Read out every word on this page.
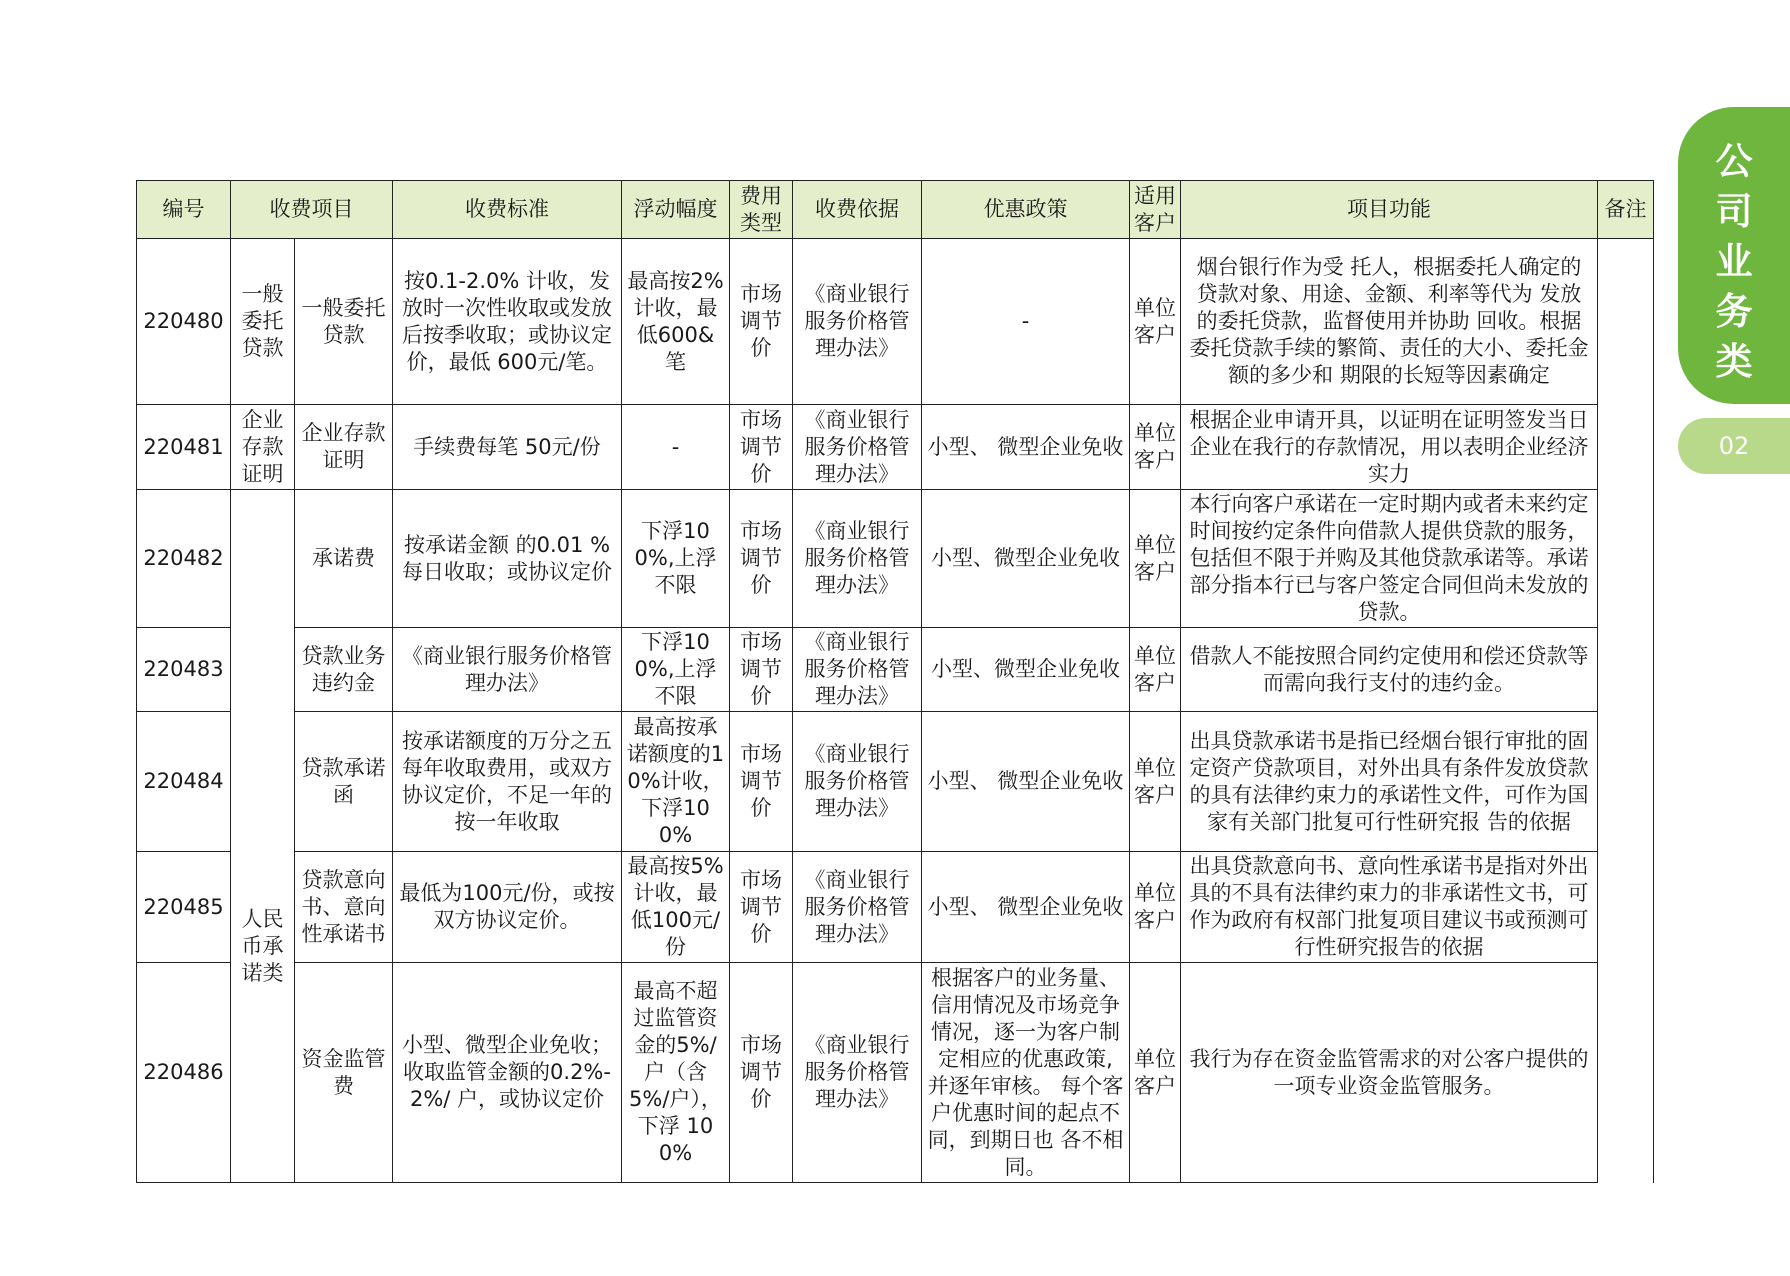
公
司
业
务
类
02
编号	收费项目		收费标准	浮动幅度	费用类型	收费依据	优惠政策	适用客户	项目功能	备注
220480	一般委托贷款	一般委托贷款	按0.1-2.0% 计收，发放时一次性收取或发放后按季收取；或协议定价，最低 600元/笔。	最高按2%计收，最低600& 笔	市场调节价	《商业银行服务价格管理办法》	-	单位客户	烟台银行作为受 托人，根据委托人确定的贷款对象、用途、金额、利率等代为 发放的委托贷款，监督使用并协助 回收。根据委托贷款手续的繁简、责任的大小、委托金额的多少和 期限的长短等因素确定	
220481	企业存款证明	企业存款证明	手续费每笔 50元/份	-	市场调节价	《商业银行服务价格管理办法》	小型、 微型企业免收	单位客户	根据企业申请开具，以证明在证明签发当日企业在我行的存款情况，用以表明企业经济实力	
220482	人民币承诺类	承诺费	按承诺金额 的0.01 %每日收取；或协议定价	下浮100%,上浮不限	市场调节价	《商业银行服务价格管理办法》	小型、微型企业免收	单位客户	本行向客户承诺在一定时期内或者未来约定时间按约定条件向借款人提供贷款的服务，包括但不限于并购及其他贷款承诺等。承诺部分指本行已与客户签定合同但尚未发放的贷款。	
220483		贷款业务违约金	《商业银行服务价格管理办法》	下浮100%,上浮不限	市场调节价	《商业银行服务价格管理办法》	小型、微型企业免收	单位客户	借款人不能按照合同约定使用和偿还贷款等而需向我行支付的违约金。	
220484		贷款承诺函	按承诺额度的万分之五每年收取费用，或双方协议定价，不足一年的按一年收取	最高按承诺额度的10%计收， 下浮100%	市场调节价	《商业银行服务价格管理办法》	小型、 微型企业免收	单位客户	出具贷款承诺书是指已经烟台银行审批的固定资产贷款项目，对外出具有条件发放贷款的具有法律约束力的承诺性文件，可作为国家有关部门批复可行性研究报 告的依据	
220485		贷款意向书、意向性承诺书	最低为100元/份，或按双方协议定价。	最高按5%计收，最低100元/份	市场调节价	《商业银行服务价格管理办法》	小型、 微型企业免收	单位客户	出具贷款意向书、意向性承诺书是指对外出具的不具有法律约束力的非承诺性文书，可作为政府有权部门批复项目建议书或预测可行性研究报告的依据	
220486		资金监管费	小型、微型企业免收；收取监管金额的0.2%-2%/ 户，或协议定价	最高不超过监管资金的5%/户（含 5%/户），下浮 100%	市场调节价	《商业银行服务价格管理办法》	根据客户的业务量、信用情况及市场竞争情况，逐一为客户制定相应的优惠政策, 并逐年审核。 每个客户优惠时间的起点不同，到期日也 各不相同。	单位客户	我行为存在资金监管需求的对公客户提供的一项专业资金监管服务。	
